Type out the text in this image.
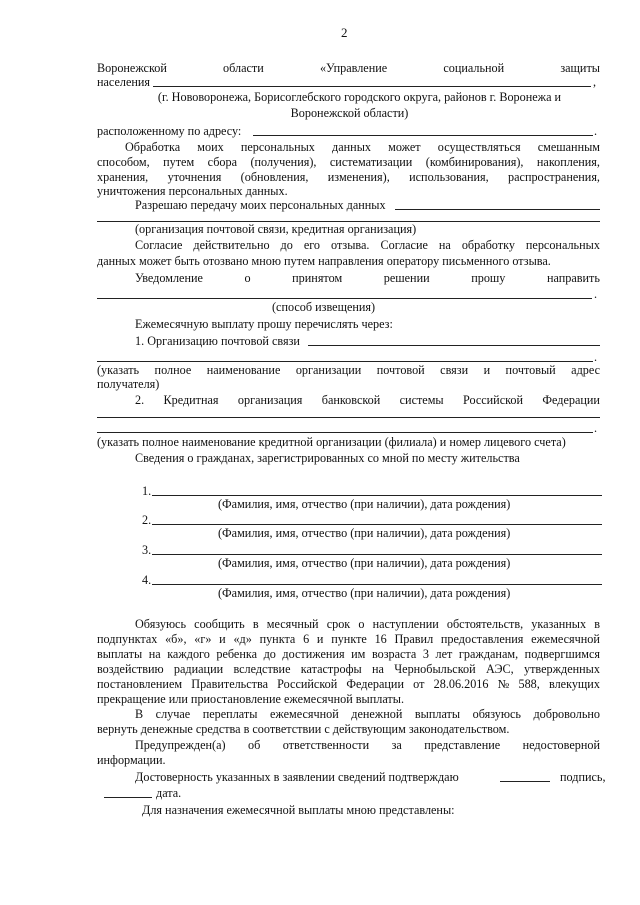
2
Воронежской	области	«Управление	социальной	защиты
населения	,
(г. Нововоронежа, Борисоглебского городского округа, районов г. Воронежа и
Воронежской области)
расположенному по адресу:	.
Обработка моих персональных данных может осуществляться смешанным
способом, путем сбора (получения), систематизации (комбинирования), накопления,
хранения, уточнения (обновления, изменения), использования, распространения,
уничтожения персональных данных.
Разрешаю передачу моих персональных данных
(организация почтовой связи, кредитная организация)
Согласие действительно до его отзыва. Согласие на обработку персональных
данных может быть отозвано мною путем направления оператору письменного отзыва.
Уведомление	о	принятом	решении	прошу	направить
.
(способ извещения)
Ежемесячную выплату прошу перечислять через:
1. Организацию почтовой связи
.
(указать полное наименование организации почтовой связи и почтовый адрес
получателя)
2. Кредитная организация банковской системы Российской Федерации
.
(указать полное наименование кредитной организации (филиала) и номер лицевого счета)
Сведения о гражданах, зарегистрированных со мной по месту жительства
1.
(Фамилия, имя, отчество (при наличии), дата рождения)
2.
(Фамилия, имя, отчество (при наличии), дата рождения)
3.
(Фамилия, имя, отчество (при наличии), дата рождения)
4.
(Фамилия, имя, отчество (при наличии), дата рождения)
Обязуюсь сообщить в месячный срок о наступлении обстоятельств, указанных в
подпунктах «б», «г» и «д» пункта 6 и пункте 16 Правил предоставления ежемесячной
выплаты на каждого ребенка до достижения им возраста 3 лет гражданам, подвергшимся
воздействию радиации вследствие катастрофы на Чернобыльской АЭС, утвержденных
постановлением Правительства Российской Федерации от 28.06.2016 № 588, влекущих
прекращение или приостановление ежемесячной выплаты.
В случае переплаты ежемесячной денежной выплаты обязуюсь добровольно
вернуть денежные средства в соответствии с действующим законодательством.
Предупрежден(а) об ответственности за представление недостоверной
информации.
Достоверность указанных в заявлении сведений подтверждаю	подпись,
дата.
Для назначения ежемесячной выплаты мною представлены:
